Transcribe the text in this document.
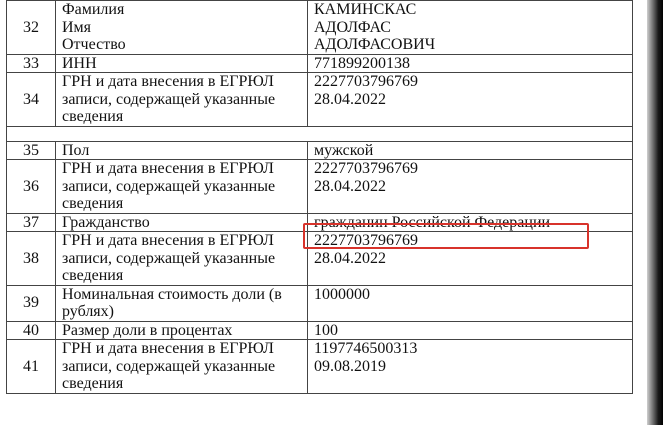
32	Фамилия
Имя
Отчество	КАМИНСКАС
АДОЛФАС
АДОЛФАСОВИЧ
33	ИНН	771899200138
34	ГРН и дата внесения в ЕГРЮЛ
записи, содержащей указанные
сведения	2227703796769
28.04.2022

35	Пол	мужской
36	ГРН и дата внесения в ЕГРЮЛ
записи, содержащей указанные
сведения	2227703796769
28.04.2022
37	Гражданство	гражданин Российской Федерации
38	ГРН и дата внесения в ЕГРЮЛ
записи, содержащей указанные
сведения	2227703796769
28.04.2022
39	Номинальная стоимость доли (в
рублях)	1000000
40	Размер доли в процентах	100
41	ГРН и дата внесения в ЕГРЮЛ
записи, содержащей указанные
сведения	1197746500313
09.08.2019
